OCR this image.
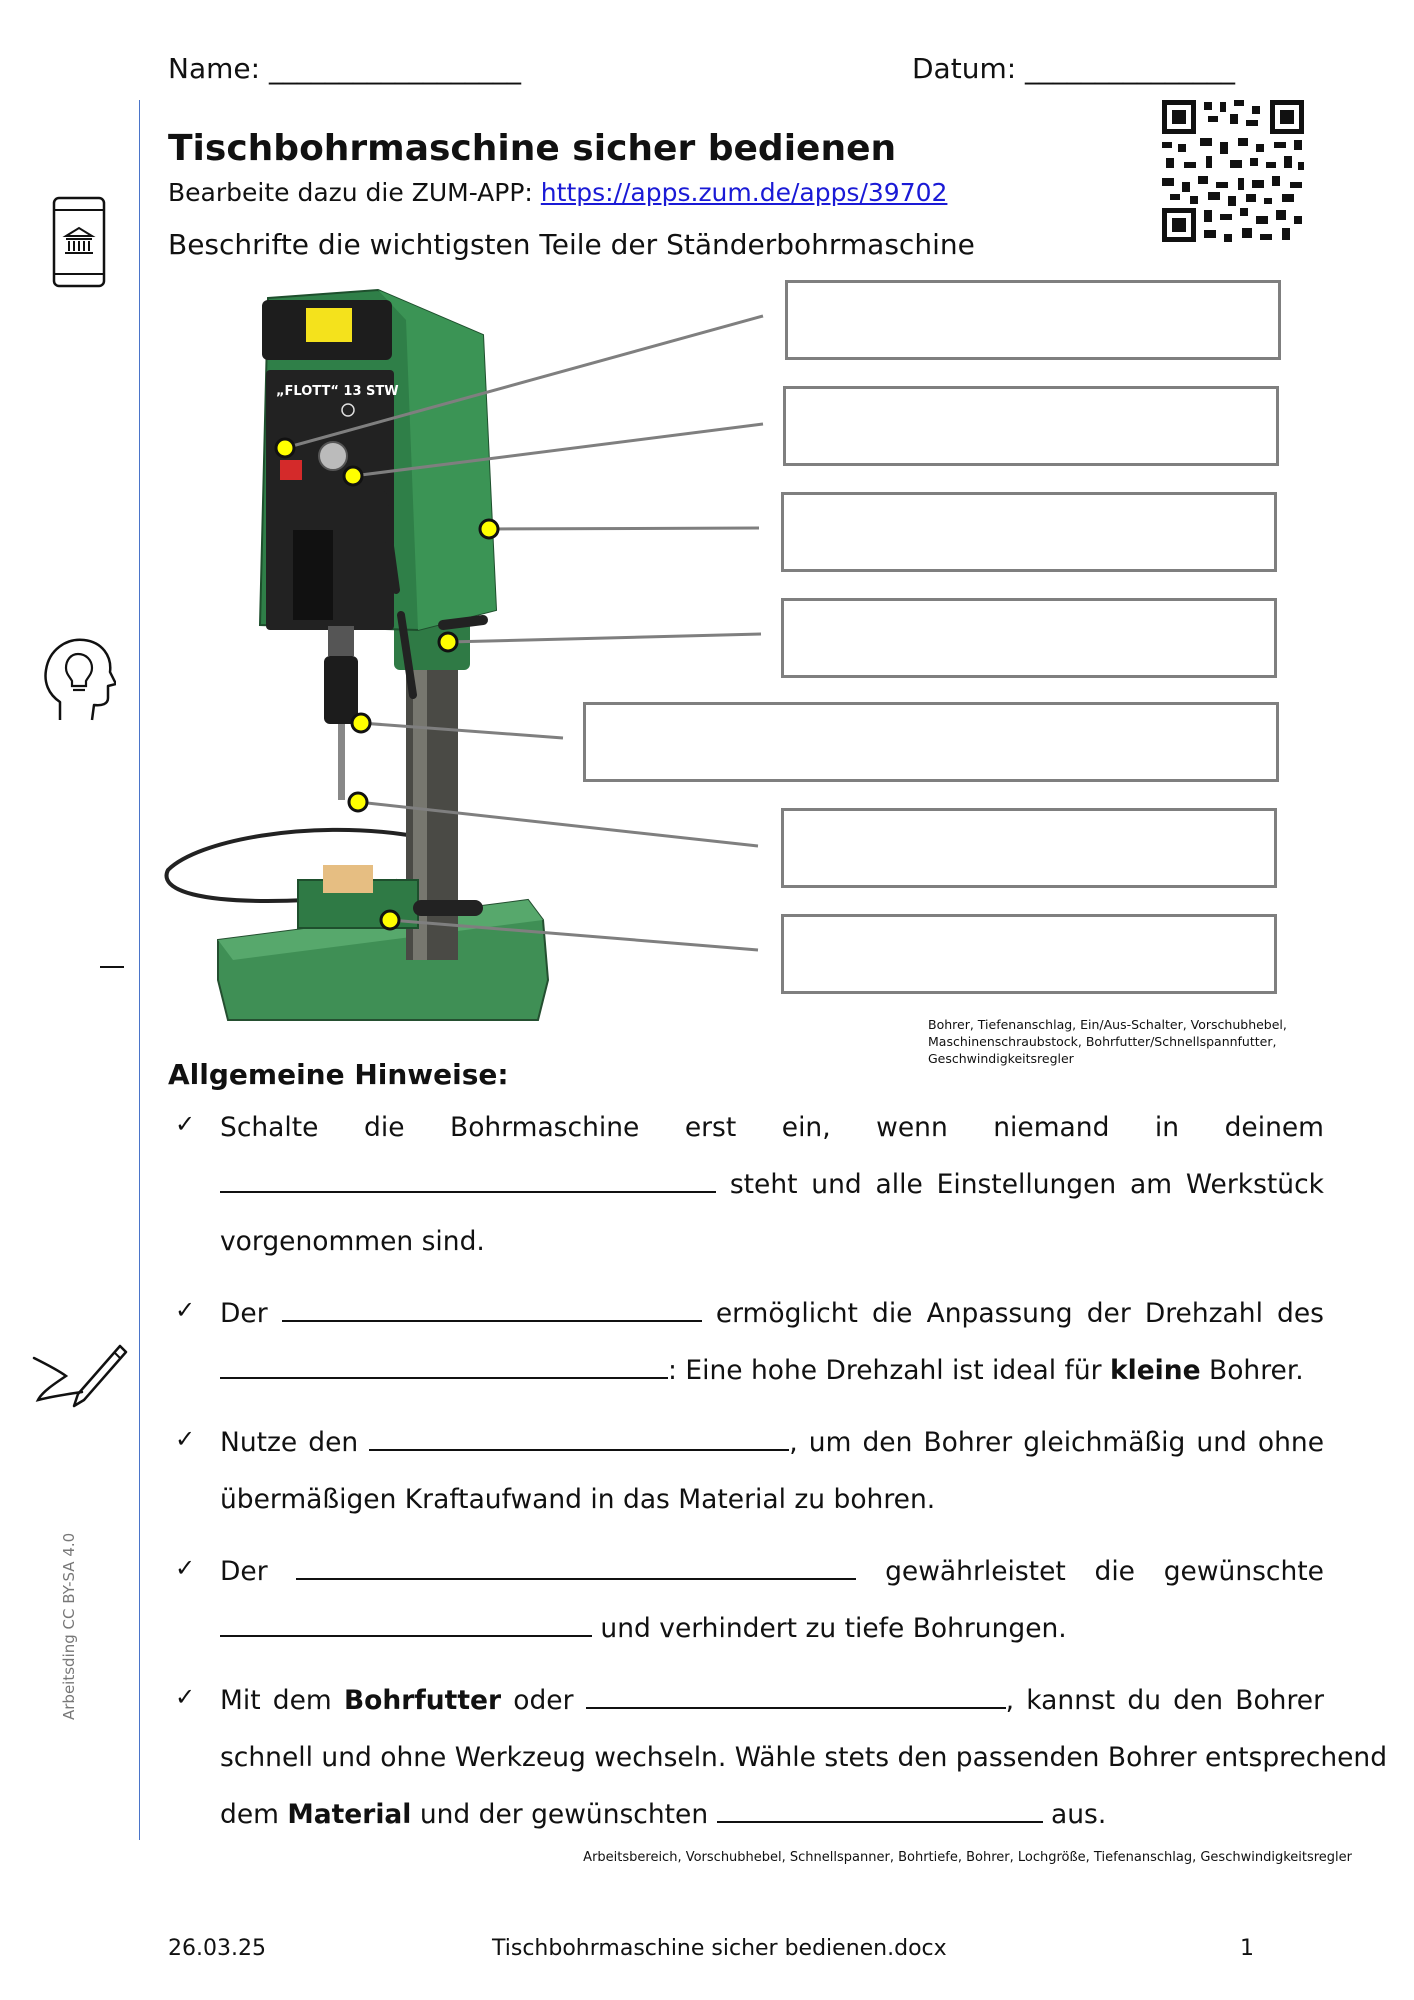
Name: __________________	Datum: _______________
Tischbohrmaschine sicher bedienen
Bearbeite dazu die ZUM-APP: https://apps.zum.de/apps/39702
Beschrifte die wichtigsten Teile der Ständerbohrmaschine
Arbeitsding CC BY-SA 4.0
„FLOTT“ 13 STW
Bohrer, Tiefenanschlag, Ein/Aus-Schalter, Vorschubhebel, Maschinenschraubstock, Bohrfutter/Schnellspannfutter, Geschwindigkeitsregler
Allgemeine Hinweise:
✓ Schalte die Bohrmaschine erst ein, wenn niemand in deinem
steht und alle Einstellungen am Werkstück
vorgenommen sind.
✓ Der	ermöglicht die Anpassung der Drehzahl des
: Eine hohe Drehzahl ist ideal für kleine Bohrer.
✓ Nutze den	, um den Bohrer gleichmäßig und ohne
übermäßigen Kraftaufwand in das Material zu bohren.
✓ Der	gewährleistet die gewünschte
und verhindert zu tiefe Bohrungen.
✓ Mit dem Bohrfutter oder	, kannst du den Bohrer
schnell und ohne Werkzeug wechseln. Wähle stets den passenden Bohrer entsprechend
dem Material und der gewünschten	aus.
Arbeitsbereich, Vorschubhebel, Schnellspanner, Bohrtiefe, Bohrer, Lochgröße, Tiefenanschlag, Geschwindigkeitsregler
26.03.25	Tischbohrmaschine sicher bedienen.docx	1
